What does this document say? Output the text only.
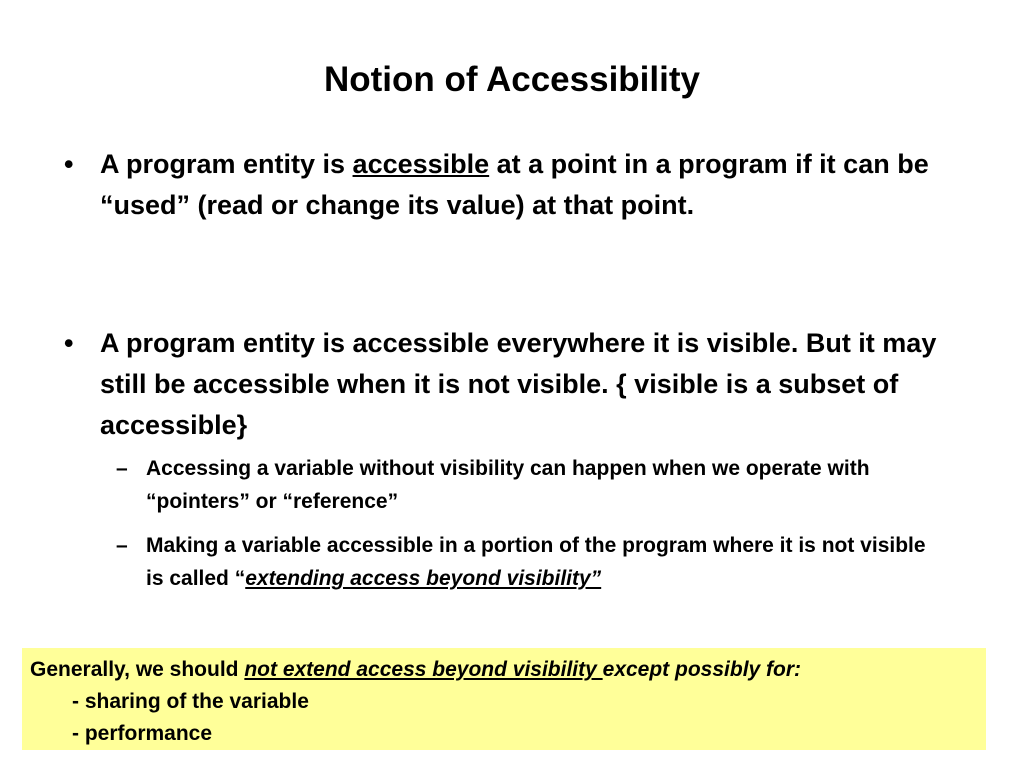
Notion of Accessibility
• A program entity is accessible at a point in a program if it can be “used” (read or change its value) at that point.
• A program entity is accessible everywhere it is visible. But it may still be accessible when it is not visible. { visible is a subset of accessible}
– Accessing a variable without visibility can happen when we operate with “pointers” or “reference”
– Making a variable accessible in a portion of the program where it is not visible is called “extending access beyond visibility”
Generally, we should not extend access beyond visibility except possibly for:
- sharing of the variable
- performance
